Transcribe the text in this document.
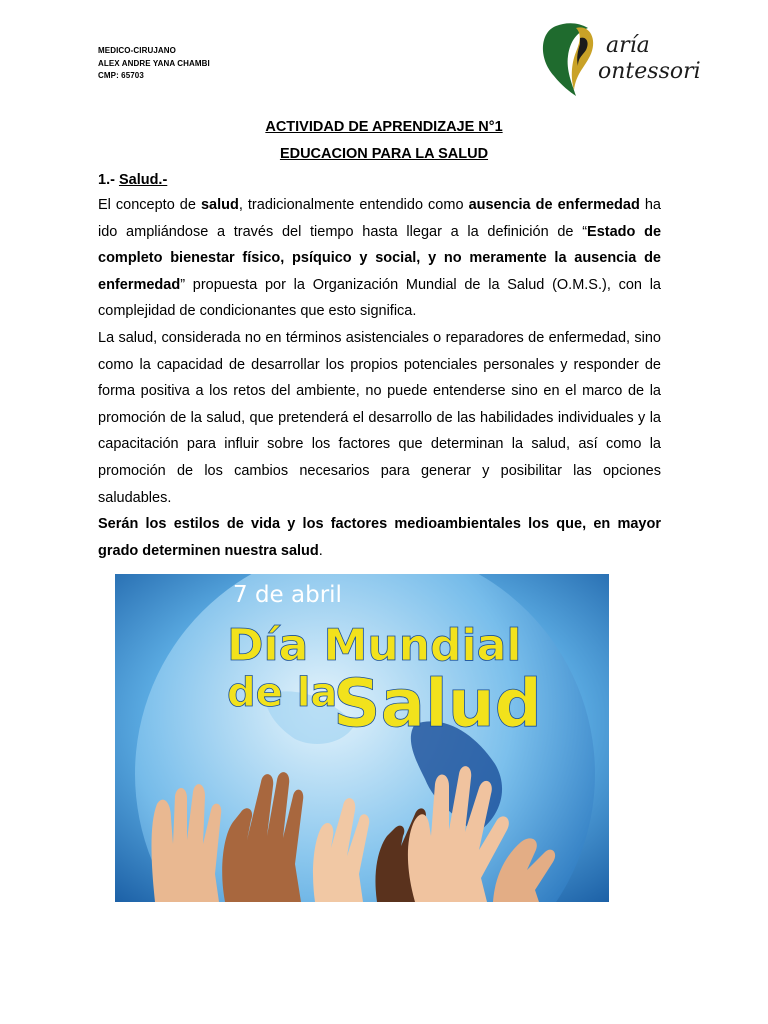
MEDICO-CIRUJANO
ALEX ANDRE YANA CHAMBI
CMP: 65703
aría
ontessori
ACTIVIDAD DE APRENDIZAJE N°1
EDUCACION PARA LA SALUD
1.- Salud.-

El concepto de salud, tradicionalmente entendido como ausencia de enfermedad ha ido ampliándose a través del tiempo hasta llegar a la definición de “Estado de completo bienestar físico, psíquico y social, y no meramente la ausencia de enfermedad” propuesta por la Organización Mundial de la Salud (O.M.S.), con la complejidad de condicionantes que esto significa.

La salud, considerada no en términos asistenciales o reparadores de enfermedad, sino como la capacidad de desarrollar los propios potenciales personales y responder de forma positiva a los retos del ambiente, no puede entenderse sino en el marco de la promoción de la salud, que pretenderá el desarrollo de las habilidades individuales y la capacitación para influir sobre los factores que determinan la salud, así como la promoción de los cambios necesarios para generar y posibilitar las opciones saludables.

Serán los estilos de vida y los factores medioambientales los que, en mayor grado determinen nuestra salud.

7 de abril
Día Mundial
de la
Salud
